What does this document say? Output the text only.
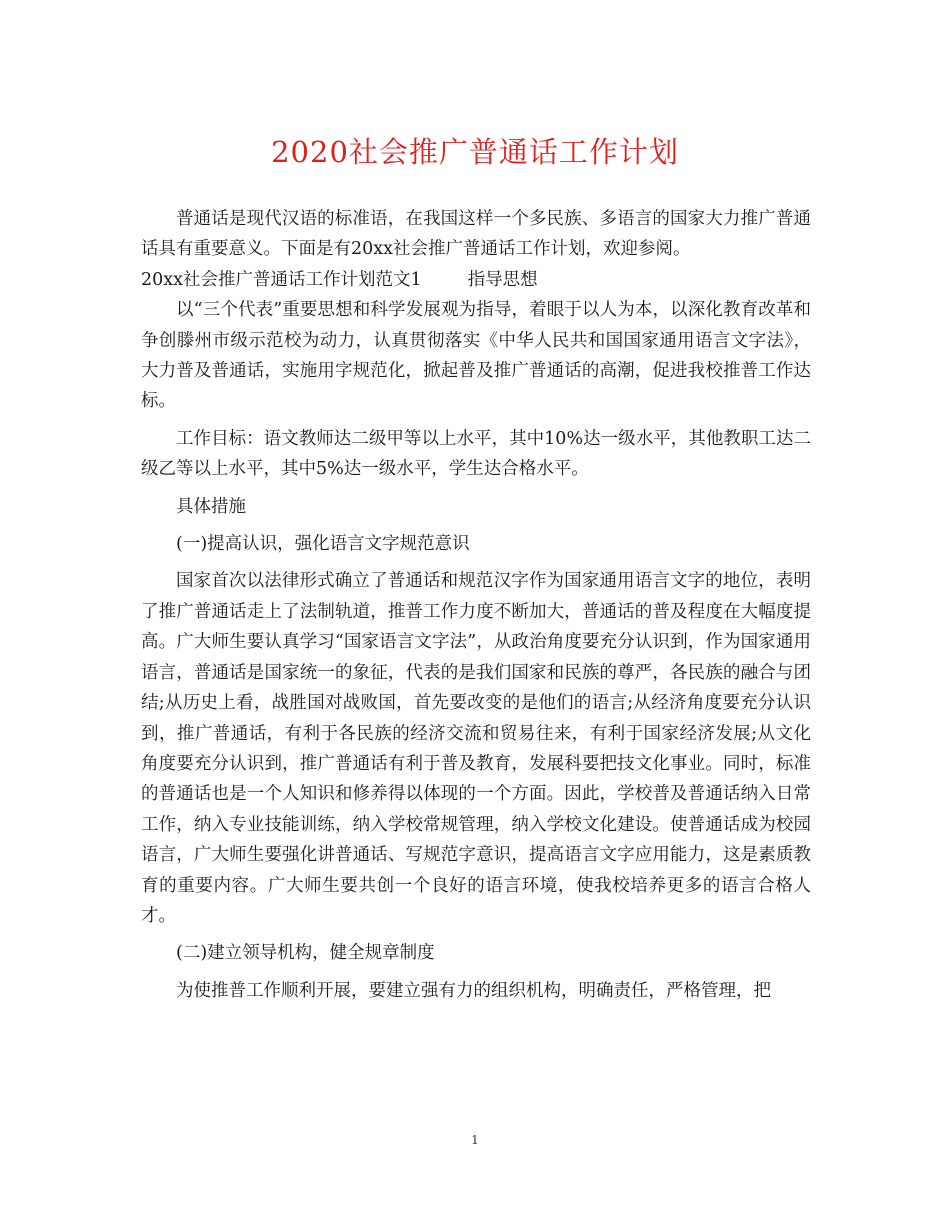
2020社会推广普通话工作计划

普通话是现代汉语的标准语，在我国这样一个多民族、多语言的国家大力推广普通话具有重要意义。下面是有20xx社会推广普通话工作计划，欢迎参阅。

20xx社会推广普通话工作计划范文1	指导思想

以“三个代表”重要思想和科学发展观为指导，着眼于以人为本，以深化教育改革和争创滕州市级示范校为动力，认真贯彻落实《中华人民共和国国家通用语言文字法》，大力普及普通话，实施用字规范化，掀起普及推广普通话的高潮，促进我校推普工作达标。

工作目标：语文教师达二级甲等以上水平，其中10%达一级水平，其他教职工达二级乙等以上水平，其中5%达一级水平，学生达合格水平。

具体措施

(一)提高认识，强化语言文字规范意识

国家首次以法律形式确立了普通话和规范汉字作为国家通用语言文字的地位，表明了推广普通话走上了法制轨道，推普工作力度不断加大，普通话的普及程度在大幅度提高。广大师生要认真学习“国家语言文字法”，从政治角度要充分认识到，作为国家通用语言，普通话是国家统一的象征，代表的是我们国家和民族的尊严，各民族的融合与团结;从历史上看，战胜国对战败国，首先要改变的是他们的语言;从经济角度要充分认识到，推广普通话，有利于各民族的经济交流和贸易往来，有利于国家经济发展;从文化角度要充分认识到，推广普通话有利于普及教育，发展科要把技文化事业。同时，标准的普通话也是一个人知识和修养得以体现的一个方面。因此，学校普及普通话纳入日常工作，纳入专业技能训练，纳入学校常规管理，纳入学校文化建设。使普通话成为校园语言，广大师生要强化讲普通话、写规范字意识，提高语言文字应用能力，这是素质教育的重要内容。广大师生要共创一个良好的语言环境，使我校培养更多的语言合格人才。

(二)建立领导机构，健全规章制度

为使推普工作顺利开展，要建立强有力的组织机构，明确责任，严格管理，把

1
